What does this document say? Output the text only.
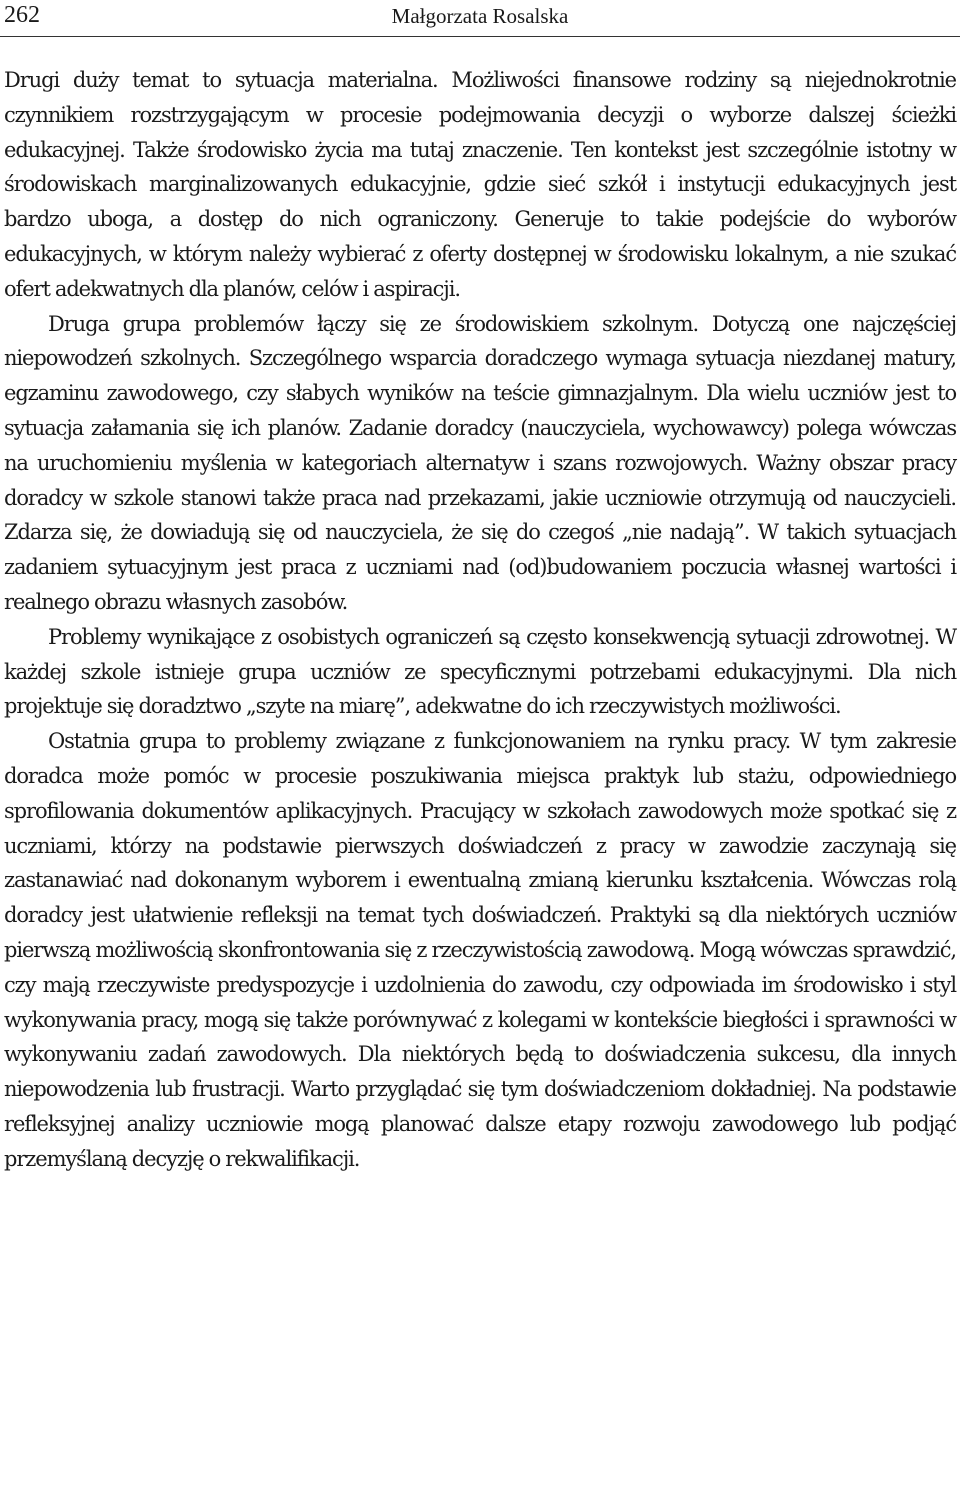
262	Małgorzata Rosalska

Drugi duży temat to sytuacja materialna. Możliwości finansowe rodziny są niejednokrotnie czynnikiem rozstrzygającym w procesie podejmowania decyzji o wyborze dalszej ścieżki edukacyjnej. Także środowisko życia ma tutaj znaczenie. Ten kontekst jest szczególnie istotny w środowiskach marginalizowanych edukacyjnie, gdzie sieć szkół i instytucji edukacyjnych jest bardzo uboga, a dostęp do nich ograniczony. Generuje to takie podejście do wyborów edukacyjnych, w którym należy wybierać z oferty dostępnej w środowisku lokalnym, a nie szukać ofert adekwatnych dla planów, celów i aspiracji.

Druga grupa problemów łączy się ze środowiskiem szkolnym. Dotyczą one najczęściej niepowodzeń szkolnych. Szczególnego wsparcia doradczego wymaga sytuacja niezdanej matury, egzaminu zawodowego, czy słabych wyników na teście gimnazjalnym. Dla wielu uczniów jest to sytuacja załamania się ich planów. Zadanie doradcy (nauczyciela, wychowawcy) polega wówczas na uruchomieniu myślenia w kategoriach alternatyw i szans rozwojowych. Ważny obszar pracy doradcy w szkole stanowi także praca nad przekazami, jakie uczniowie otrzymują od nauczycieli. Zdarza się, że dowiadują się od nauczyciela, że się do czegoś „nie nadają”. W takich sytuacjach zadaniem sytuacyjnym jest praca z uczniami nad (od)budowaniem poczucia własnej wartości i realnego obrazu własnych zasobów.

Problemy wynikające z osobistych ograniczeń są często konsekwencją sytuacji zdrowotnej. W każdej szkole istnieje grupa uczniów ze specyficznymi potrzebami edukacyjnymi. Dla nich projektuje się doradztwo „szyte na miarę”, adekwatne do ich rzeczywistych możliwości.

Ostatnia grupa to problemy związane z funkcjonowaniem na rynku pracy. W tym zakresie doradca może pomóc w procesie poszukiwania miejsca praktyk lub stażu, odpowiedniego sprofilowania dokumentów aplikacyjnych. Pracujący w szkołach zawodowych może spotkać się z uczniami, którzy na podstawie pierwszych doświadczeń z pracy w zawodzie zaczynają się zastanawiać nad dokonanym wyborem i ewentualną zmianą kierunku kształcenia. Wówczas rolą doradcy jest ułatwienie refleksji na temat tych doświadczeń. Praktyki są dla niektórych uczniów pierwszą możliwością skonfrontowania się z rzeczywistością zawodową. Mogą wówczas sprawdzić, czy mają rzeczywiste predyspozycje i uzdolnienia do zawodu, czy odpowiada im środowisko i styl wykonywania pracy, mogą się także porównywać z kolegami w kontekście biegłości i sprawności w wykonywaniu zadań zawodowych. Dla niektórych będą to doświadczenia sukcesu, dla innych niepowodzenia lub frustracji. Warto przyglądać się tym doświadczeniom dokładniej. Na podstawie refleksyjnej analizy uczniowie mogą planować dalsze etapy rozwoju zawodowego lub podjąć przemyślaną decyzję o rekwalifikacji.
